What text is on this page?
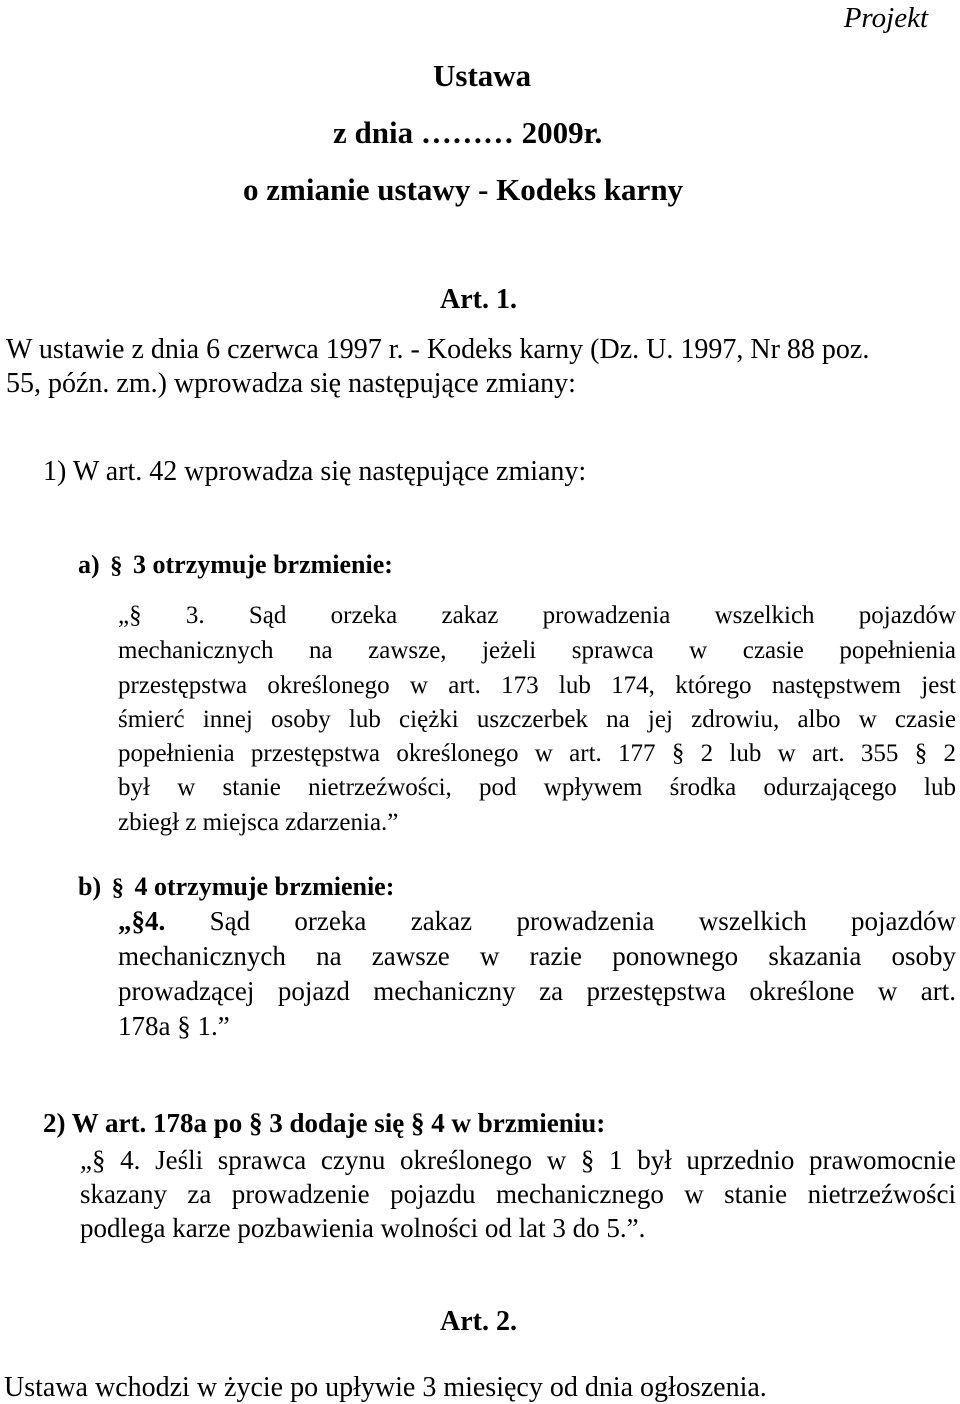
Projekt
Ustawa
z dnia ……… 2009r.
o zmianie ustawy - Kodeks karny
Art. 1.
W ustawie z dnia 6 czerwca 1997 r. - Kodeks karny (Dz. U. 1997, Nr 88 poz.
55, późn. zm.) wprowadza się następujące zmiany:
1) W art. 42 wprowadza się następujące zmiany:
a) § 3 otrzymuje brzmienie:
„§ 3. Sąd orzeka zakaz prowadzenia wszelkich pojazdów
mechanicznych na zawsze, jeżeli sprawca w czasie popełnienia
przestępstwa określonego w art. 173 lub 174, którego następstwem jest
śmierć innej osoby lub ciężki uszczerbek na jej zdrowiu, albo w czasie
popełnienia przestępstwa określonego w art. 177 § 2 lub w art. 355 § 2
był w stanie nietrzeźwości, pod wpływem środka odurzającego lub
zbiegł z miejsca zdarzenia.”
b) § 4 otrzymuje brzmienie:
„§4. Sąd orzeka zakaz prowadzenia wszelkich pojazdów
mechanicznych na zawsze w razie ponownego skazania osoby
prowadzącej pojazd mechaniczny za przestępstwa określone w art.
178a § 1.”
2) W art. 178a po § 3 dodaje się § 4 w brzmieniu:
„§ 4. Jeśli sprawca czynu określonego w § 1 był uprzednio prawomocnie
skazany za prowadzenie pojazdu mechanicznego w stanie nietrzeźwości
podlega karze pozbawienia wolności od lat 3 do 5.”.
Art. 2.
Ustawa wchodzi w życie po upływie 3 miesięcy od dnia ogłoszenia.
